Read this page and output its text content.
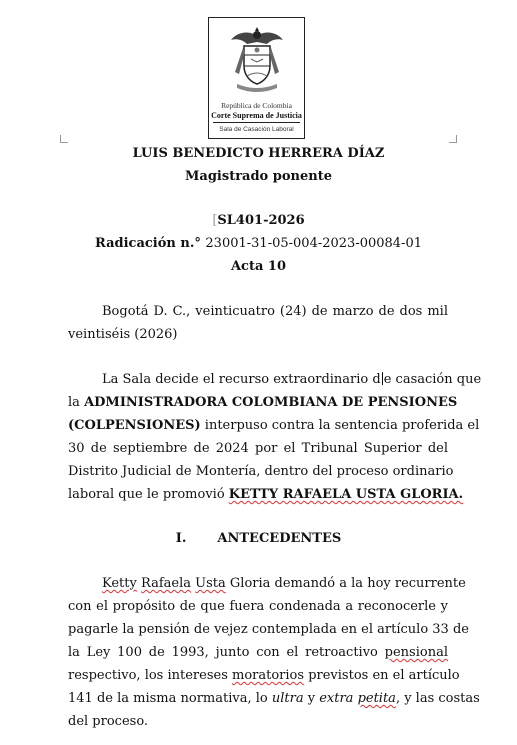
República de Colombia
Corte Suprema de Justicia
Sala de Casación Laboral
LUIS BENEDICTO HERRERA DÍAZ
Magistrado ponente
[SL401-2026
Radicación n.° 23001-31-05-004-2023-00084-01
Acta 10
Bogotá D. C., veinticuatro (24) de marzo de dos mil
veintiséis (2026)
La Sala decide el recurso extraordinario d e casación que
la ADMINISTRADORA COLOMBIANA DE PENSIONES
(COLPENSIONES) interpuso contra la sentencia proferida el
30 de septiembre de 2024 por el Tribunal Superior del
Distrito Judicial de Montería, dentro del proceso ordinario
laboral que le promovió KETTY RAFAELA USTA GLORIA.
I. ANTECEDENTES
Ketty Rafaela Usta Gloria demandó a la hoy recurrente
con el propósito de que fuera condenada a reconocerle y
pagarle la pensión de vejez contemplada en el artículo 33 de
la Ley 100 de 1993, junto con el retroactivo pensional
respectivo, los intereses moratorios previstos en el artículo
141 de la misma normativa, lo ultra y extra petita, y las costas
del proceso.
